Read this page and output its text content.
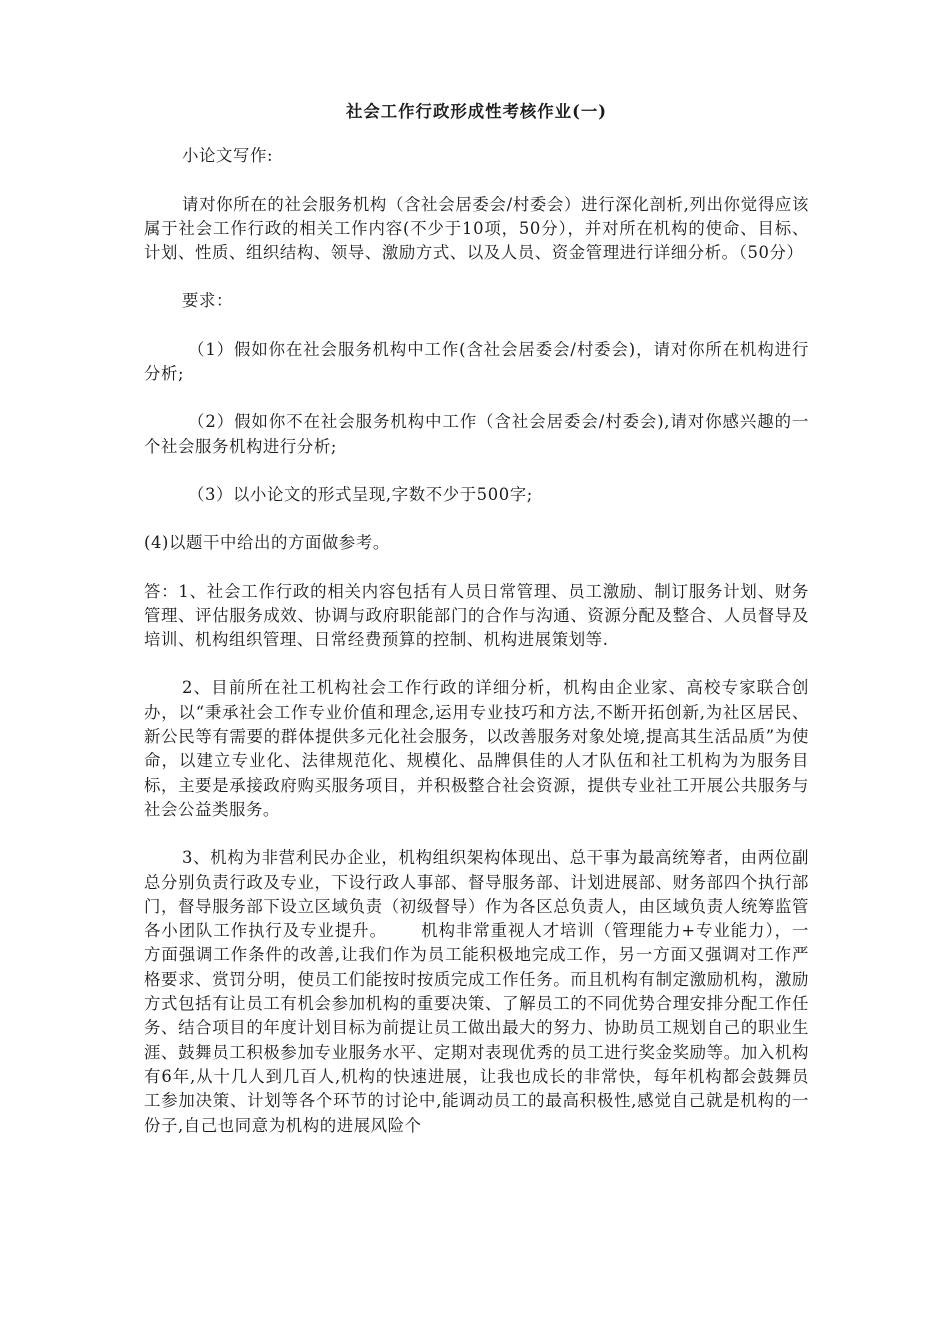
社会工作行政形成性考核作业(一)

小论文写作:

请对你所在的社会服务机构（含社会居委会/村委会）进行深化剖析,列出你觉得应该属于社会工作行政的相关工作内容(不少于10项，50分），并对所在机构的使命、目标、计划、性质、组织结构、领导、激励方式、以及人员、资金管理进行详细分析。（50分）

要求：

（1）假如你在社会服务机构中工作(含社会居委会/村委会)，请对你所在机构进行分析;

（2）假如你不在社会服务机构中工作（含社会居委会/村委会),请对你感兴趣的一个社会服务机构进行分析;

（3）以小论文的形式呈现,字数不少于500字;

(4)以题干中给出的方面做参考。

答：1、社会工作行政的相关内容包括有人员日常管理、员工激励、制订服务计划、财务管理、评估服务成效、协调与政府职能部门的合作与沟通、资源分配及整合、人员督导及培训、机构组织管理、日常经费预算的控制、机构进展策划等.

2、目前所在社工机构社会工作行政的详细分析，机构由企业家、高校专家联合创办，以“秉承社会工作专业价值和理念,运用专业技巧和方法,不断开拓创新,为社区居民、新公民等有需要的群体提供多元化社会服务，以改善服务对象处境,提高其生活品质”为使命，以建立专业化、法律规范化、规模化、品牌俱佳的人才队伍和社工机构为为服务目标，主要是承接政府购买服务项目，并积极整合社会资源，提供专业社工开展公共服务与社会公益类服务。

3、机构为非营利民办企业，机构组织架构体现出、总干事为最高统筹者，由两位副总分别负责行政及专业，下设行政人事部、督导服务部、计划进展部、财务部四个执行部门，督导服务部下设立区域负责（初级督导）作为各区总负责人，由区域负责人统筹监管各小团队工作执行及专业提升。 机构非常重视人才培训（管理能力+专业能力），一方面强调工作条件的改善,让我们作为员工能积极地完成工作，另一方面又强调对工作严格要求、赏罚分明，使员工们能按时按质完成工作任务。而且机构有制定激励机构，激励方式包括有让员工有机会参加机构的重要决策、了解员工的不同优势合理安排分配工作任务、结合项目的年度计划目标为前提让员工做出最大的努力、协助员工规划自己的职业生涯、鼓舞员工积极参加专业服务水平、定期对表现优秀的员工进行奖金奖励等。加入机构有6年,从十几人到几百人,机构的快速进展，让我也成长的非常快，每年机构都会鼓舞员工参加决策、计划等各个环节的讨论中,能调动员工的最高积极性,感觉自己就是机构的一份子,自己也同意为机构的进展风险个
